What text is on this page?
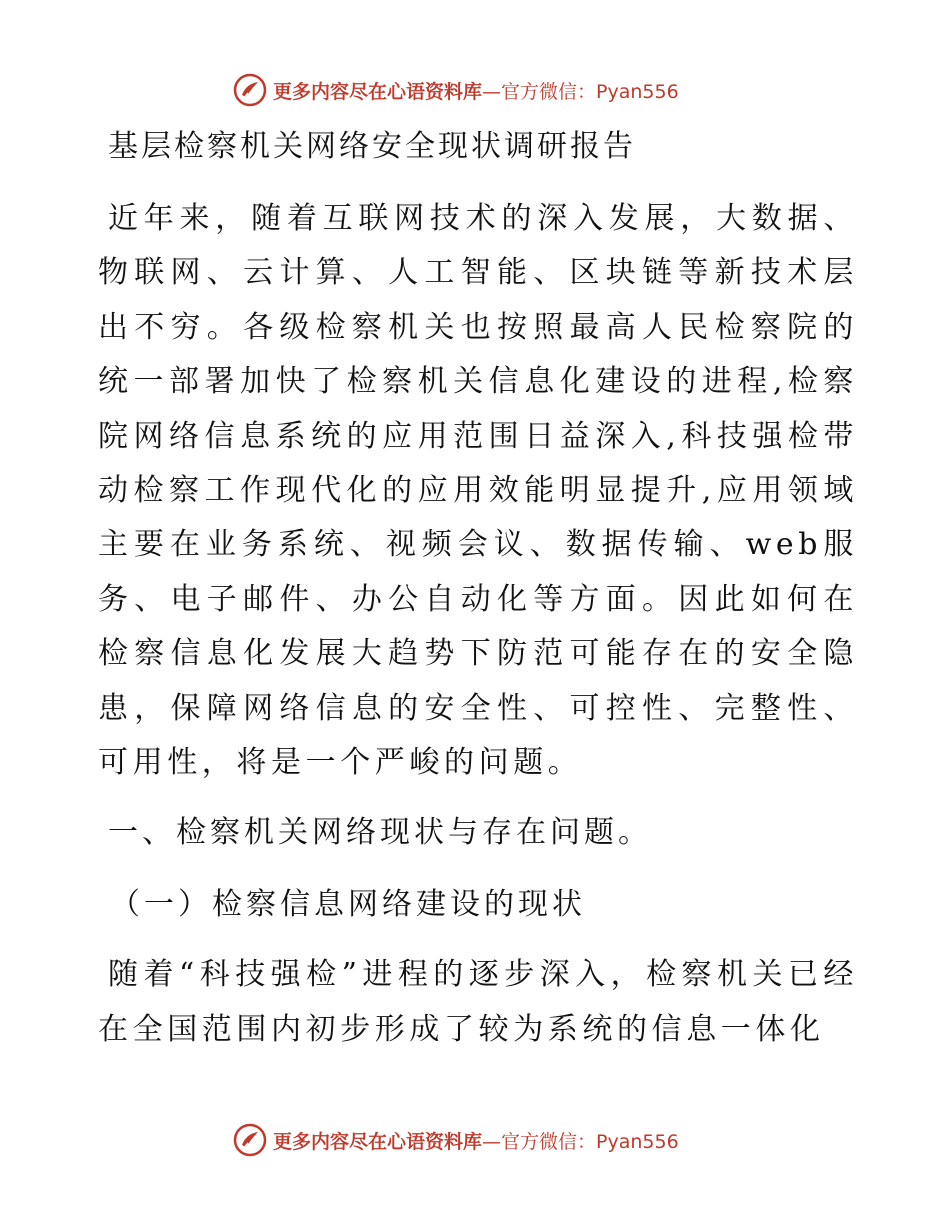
更多内容尽在心语资料库 —官方微信：Pyan556
基层检察机关网络安全现状调研报告

近年来，随着互联网技术的深入发展，大数据、物联网、云计算、人工智能、区块链等新技术层出不穷。各级检察机关也按照最高人民检察院的统一部署加快了检察机关信息化建设的进程,检察院网络信息系统的应用范围日益深入,科技强检带动检察工作现代化的应用效能明显提升,应用领域主要在业务系统、视频会议、数据传输、web服务、电子邮件、办公自动化等方面。因此如何在检察信息化发展大趋势下防范可能存在的安全隐患，保障网络信息的安全性、可控性、完整性、可用性，将是一个严峻的问题。

一、检察机关网络现状与存在问题。
（一）检察信息网络建设的现状

随着“科技强检”进程的逐步深入，检察机关已经在全国范围内初步形成了较为系统的信息一体化

更多内容尽在心语资料库 —官方微信：Pyan556
